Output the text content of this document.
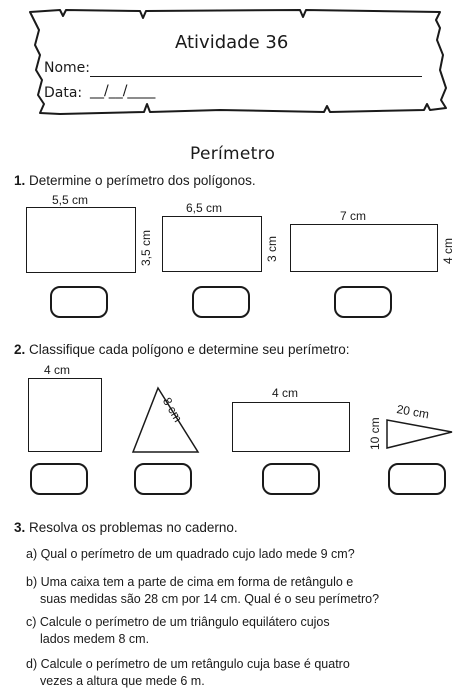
Atividade 36
Nome:
Data: __/__/____
Perímetro
1. Determine o perímetro dos polígonos.
5,5 cm
3,5 cm
6,5 cm
3 cm
7 cm
4 cm
2. Classifique cada polígono e determine seu perímetro:
4 cm
8 cm
4 cm
20 cm
10 cm
3. Resolva os problemas no caderno.
a) Qual o perímetro de um quadrado cujo lado mede 9 cm?
b) Uma caixa tem a parte de cima em forma de retângulo e
suas medidas são 28 cm por 14 cm. Qual é o seu perímetro?
c) Calcule o perímetro de um triângulo equilátero cujos
lados medem 8 cm.
d) Calcule o perímetro de um retângulo cuja base é quatro
vezes a altura que mede 6 m.
